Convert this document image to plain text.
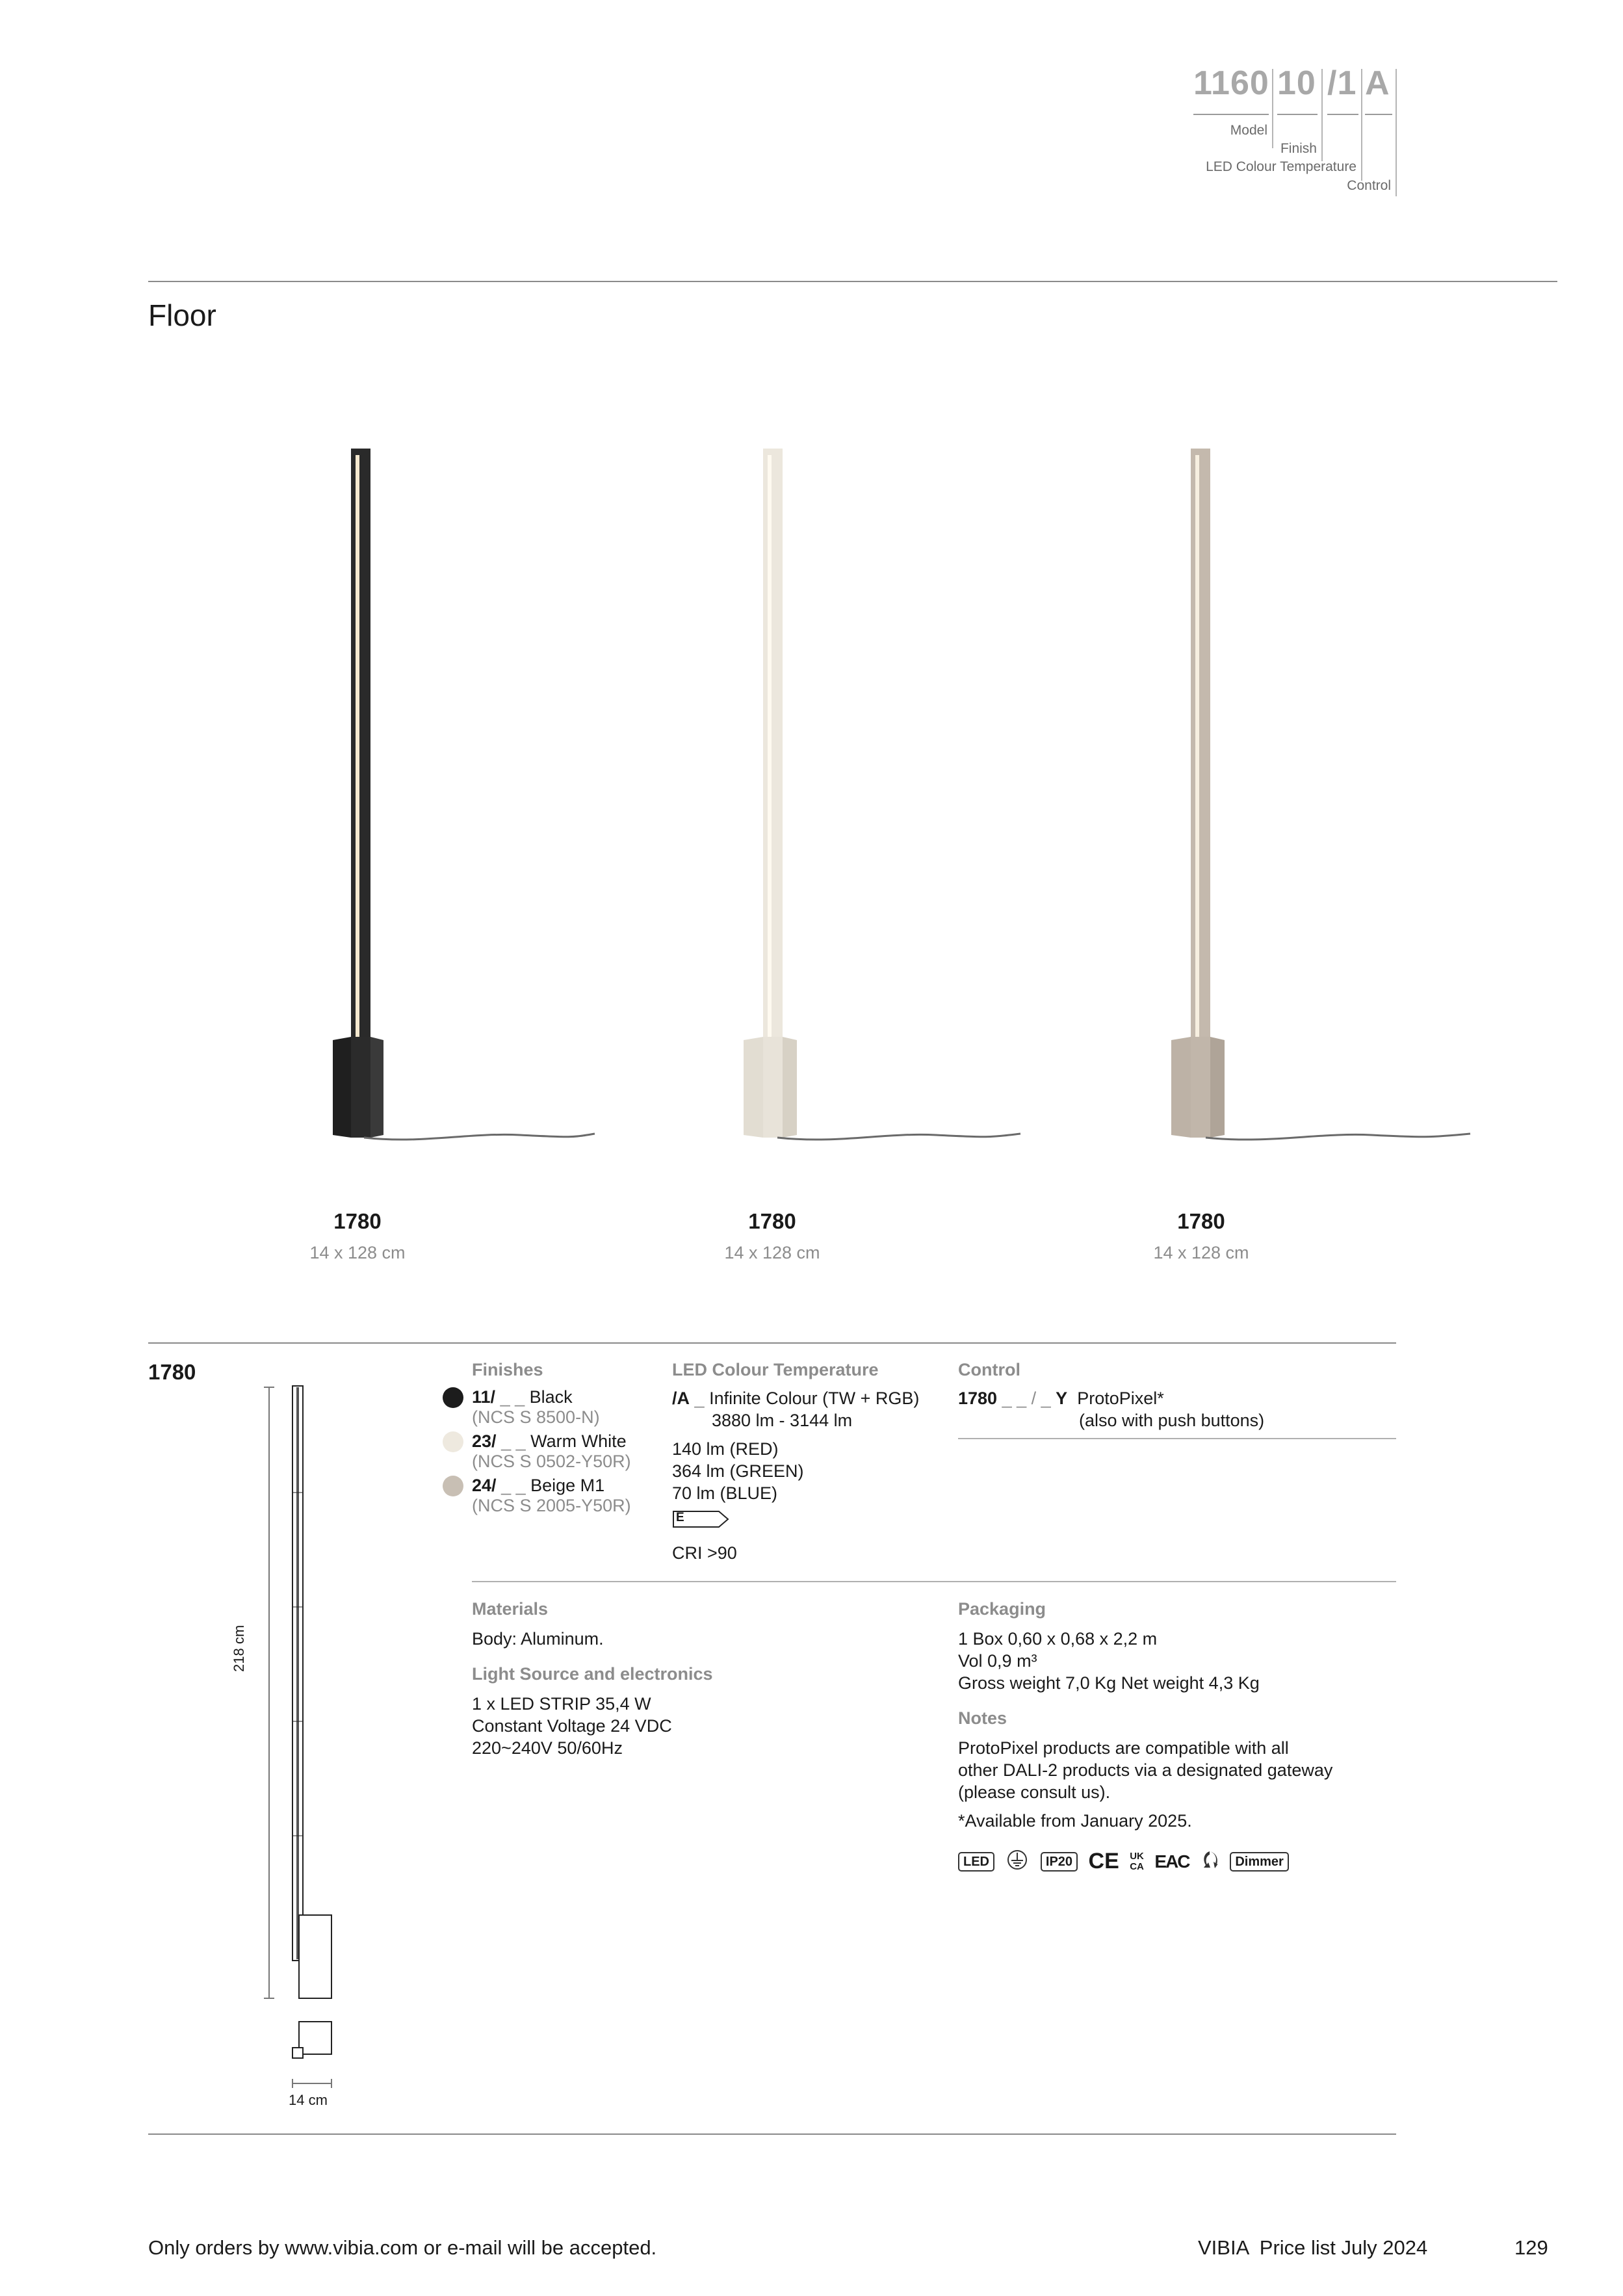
1160 10 /1 A
Model
Finish
LED Colour Temperature
Control
Floor
1780
14 x 128 cm
1780
14 x 128 cm
1780
14 x 128 cm
1780
218 cm
14 cm
Finishes
11/ _ _ Black
(NCS S 8500-N)
23/ _ _ Warm White
(NCS S 0502-Y50R)
24/ _ _ Beige M1
(NCS S 2005-Y50R)
LED Colour Temperature
/A _ Infinite Colour (TW + RGB)
3880 lm - 3144 lm
140 lm (RED)
364 lm (GREEN)
70 lm (BLUE)
E
CRI >90
Control
1780 _ _ / _ Y ProtoPixel*
(also with push buttons)
Materials
Body: Aluminum.
Light Source and electronics
1 x LED STRIP 35,4 W
Constant Voltage 24 VDC
220~240V 50/60Hz
Packaging
1 Box 0,60 x 0,68 x 2,2 m
Vol 0,9 m³
Gross weight 7,0 Kg Net weight 4,3 Kg
Notes
ProtoPixel products are compatible with all
other DALI-2 products via a designated gateway
(please consult us).
*Available from January 2025.
LED	IP20 CE UK
CA EAC	Dimmer
Only orders by www.vibia.com or e-mail will be accepted.	VIBIA  Price list July 2024	129
